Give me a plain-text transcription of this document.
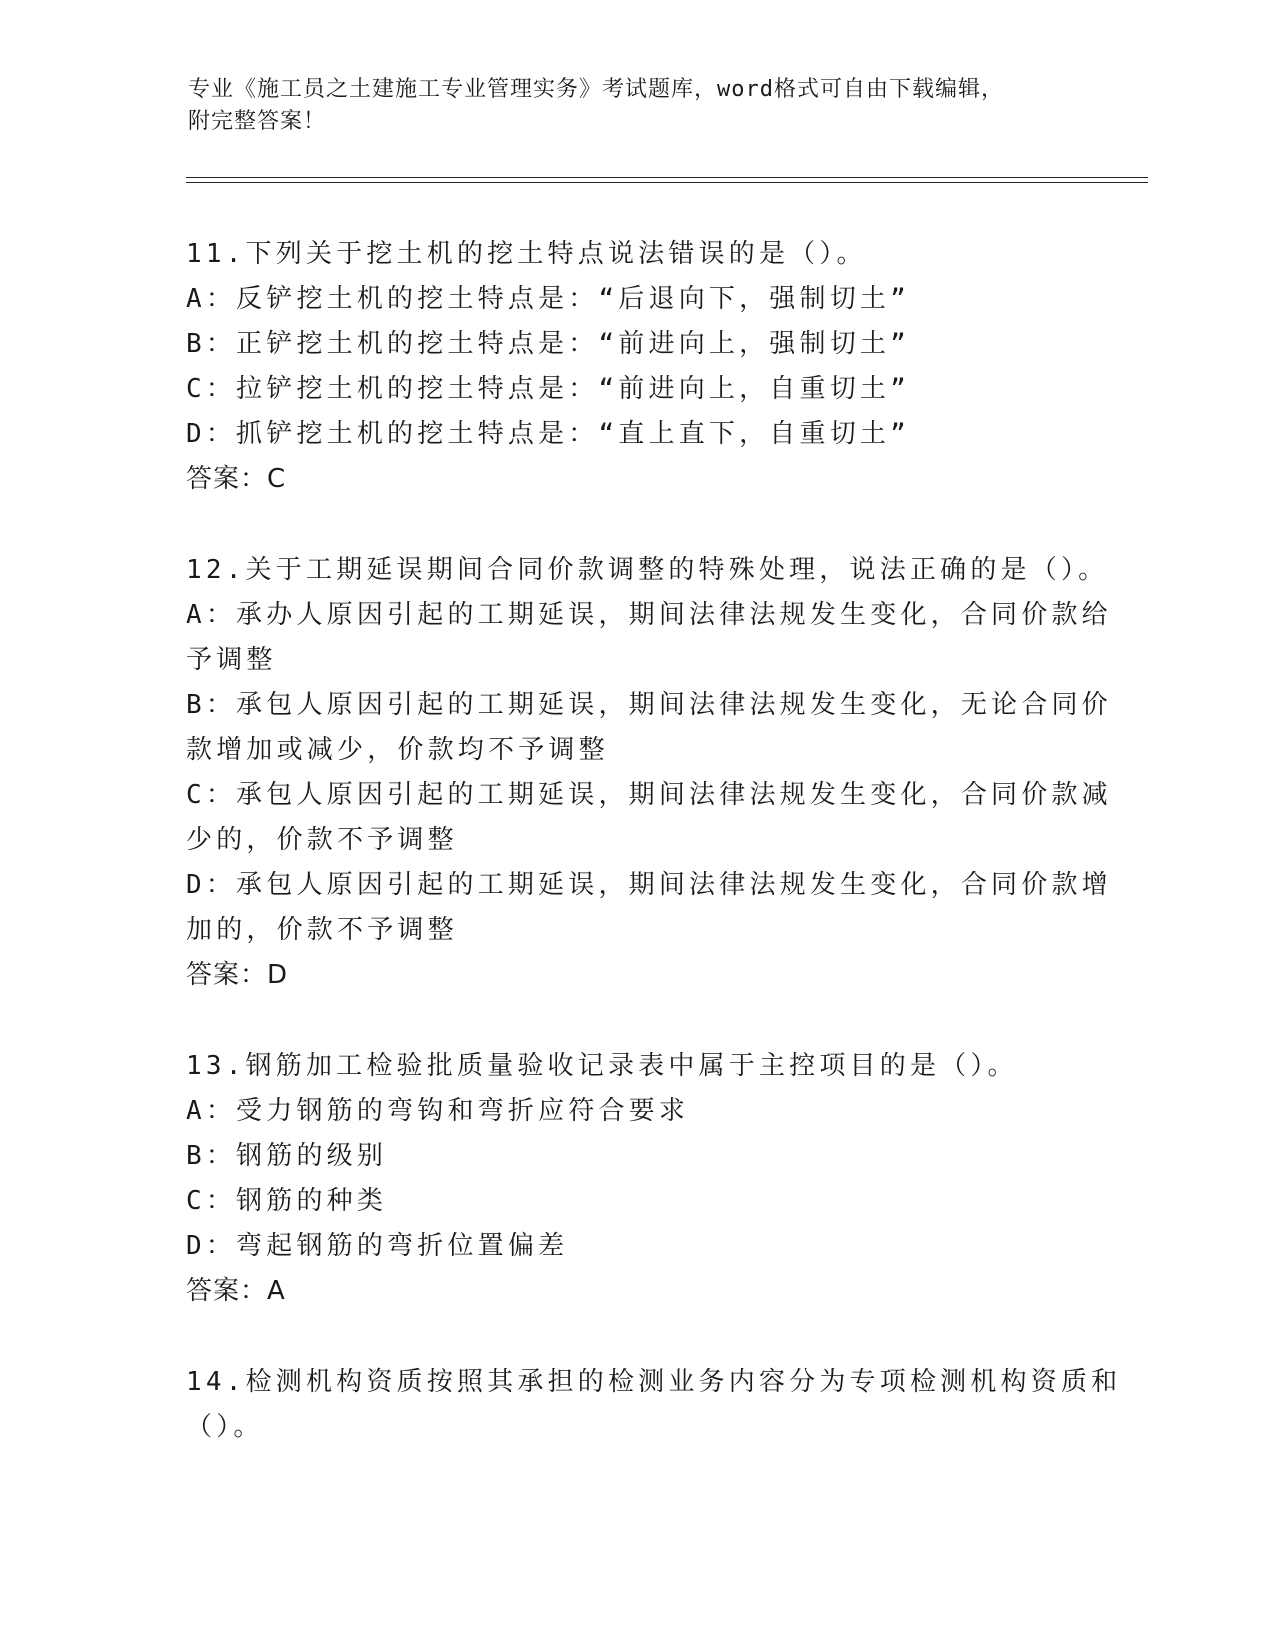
专业《施工员之土建施工专业管理实务》考试题库，word格式可自由下载编辑，
附完整答案！
11.下列关于挖土机的挖土特点说法错误的是（）。
A：反铲挖土机的挖土特点是：“后退向下，强制切土”
B：正铲挖土机的挖土特点是：“前进向上，强制切土”
C：拉铲挖土机的挖土特点是：“前进向上，自重切土”
D：抓铲挖土机的挖土特点是：“直上直下，自重切土”
答案：C
12.关于工期延误期间合同价款调整的特殊处理，说法正确的是（）。
A：承办人原因引起的工期延误，期间法律法规发生变化，合同价款给
予调整
B：承包人原因引起的工期延误，期间法律法规发生变化，无论合同价
款增加或减少，价款均不予调整
C：承包人原因引起的工期延误，期间法律法规发生变化，合同价款减
少的，价款不予调整
D：承包人原因引起的工期延误，期间法律法规发生变化，合同价款增
加的，价款不予调整
答案：D
13.钢筋加工检验批质量验收记录表中属于主控项目的是（）。
A：受力钢筋的弯钩和弯折应符合要求
B：钢筋的级别
C：钢筋的种类
D：弯起钢筋的弯折位置偏差
答案：A
14.检测机构资质按照其承担的检测业务内容分为专项检测机构资质和
（）。
